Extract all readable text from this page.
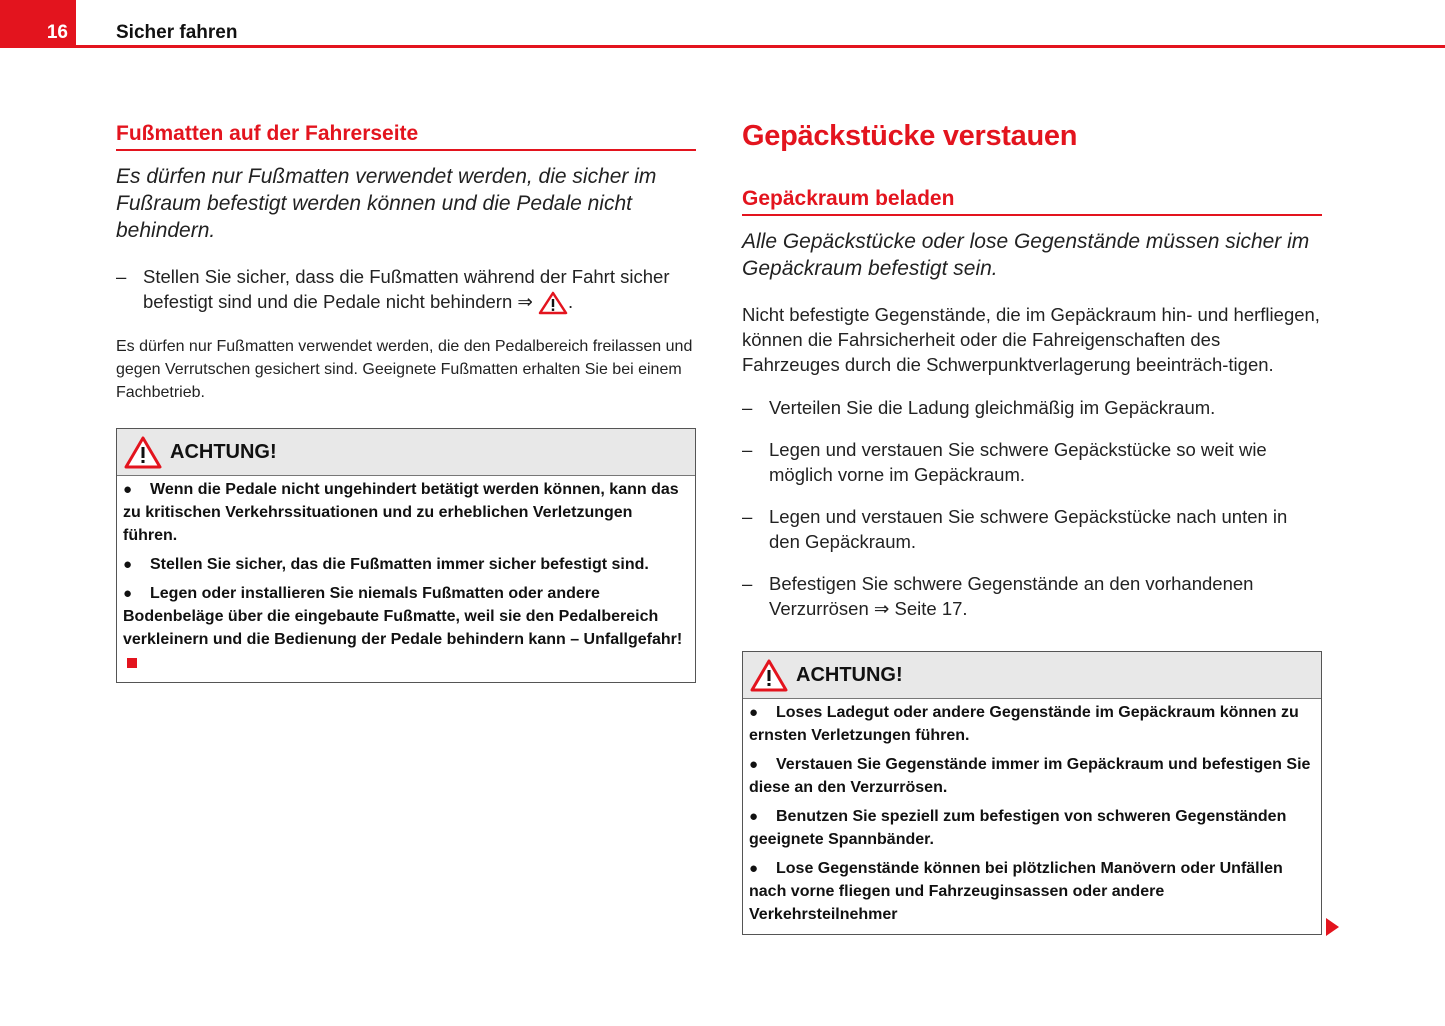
16	Sicher fahren
Fußmatten auf der Fahrerseite

Es dürfen nur Fußmatten verwendet werden, die sicher im Fußraum befestigt werden können und die Pedale nicht behindern.

– Stellen Sie sicher, dass die Fußmatten während der Fahrt sicher befestigt sind und die Pedale nicht behindern ⇒ .

Es dürfen nur Fußmatten verwendet werden, die den Pedalbereich freilassen und gegen Verrutschen gesichert sind. Geeignete Fußmatten erhalten Sie bei einem Fachbetrieb.

ACHTUNG!

● Wenn die Pedale nicht ungehindert betätigt werden können, kann das zu kritischen Verkehrssituationen und zu erheblichen Verletzungen führen.

● Stellen Sie sicher, das die Fußmatten immer sicher befestigt sind.

● Legen oder installieren Sie niemals Fußmatten oder andere Bodenbeläge über die eingebaute Fußmatte, weil sie den Pedalbereich verkleinern und die Bedienung der Pedale behindern kann – Unfallgefahr!

Gepäckstücke verstauen
Gepäckraum beladen

Alle Gepäckstücke oder lose Gegenstände müssen sicher im Gepäckraum befestigt sein.

Nicht befestigte Gegenstände, die im Gepäckraum hin- und herfliegen, können die Fahrsicherheit oder die Fahreigenschaften des Fahrzeuges durch die Schwerpunktverlagerung beeinträch-tigen.

– Verteilen Sie die Ladung gleichmäßig im Gepäckraum.
– Legen und verstauen Sie schwere Gepäckstücke so weit wie möglich vorne im Gepäckraum.
– Legen und verstauen Sie schwere Gepäckstücke nach unten in den Gepäckraum.
– Befestigen Sie schwere Gegenstände an den vorhandenen Verzurrösen ⇒ Seite 17.
ACHTUNG!

● Loses Ladegut oder andere Gegenstände im Gepäckraum können zu ernsten Verletzungen führen.

● Verstauen Sie Gegenstände immer im Gepäckraum und befestigen Sie diese an den Verzurrösen.

● Benutzen Sie speziell zum befestigen von schweren Gegenständen geeignete Spannbänder.

● Lose Gegenstände können bei plötzlichen Manövern oder Unfällen nach vorne fliegen und Fahrzeuginsassen oder andere Verkehrsteilnehmer
